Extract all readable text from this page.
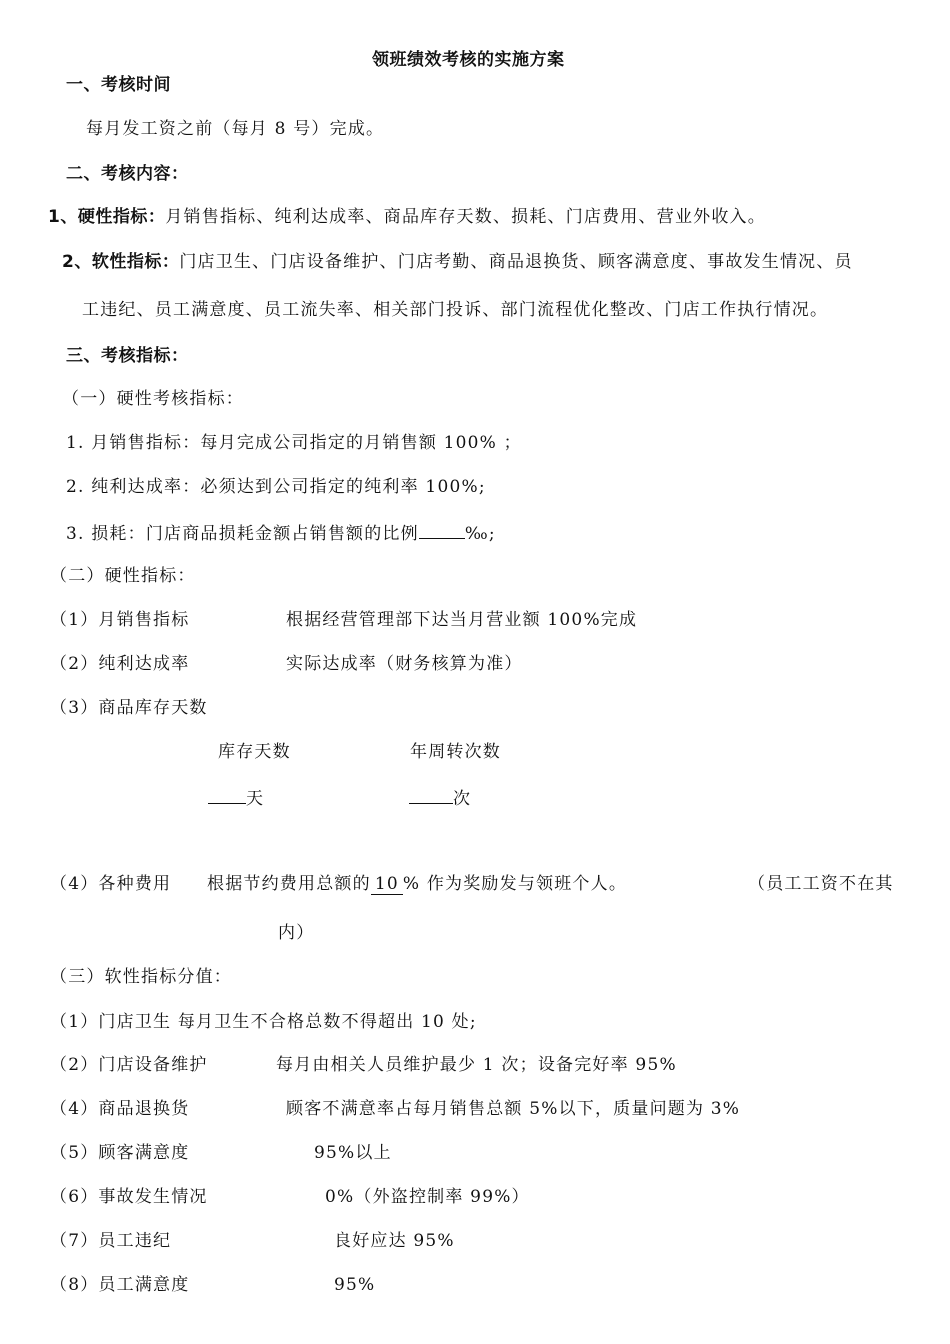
领班绩效考核的实施方案
一、考核时间
每月发工资之前（每月 8 号）完成。
二、考核内容：
1、硬性指标：月销售指标、纯利达成率、商品库存天数、损耗、门店费用、营业外收入。
2、软性指标：门店卫生、门店设备维护、门店考勤、商品退换货、顾客满意度、事故发生情况、员
工违纪、员工满意度、员工流失率、相关部门投诉、部门流程优化整改、门店工作执行情况。
三、考核指标：
（一）硬性考核指标：
1. 月销售指标：每月完成公司指定的月销售额 100% ；
2. 纯利达成率：必须达到公司指定的纯利率 100%;
3. 损耗：门店商品损耗金额占销售额的比例	‰;
（二）硬性指标：
（1）月销售指标	根据经营管理部下达当月营业额 100%完成
（2）纯利达成率	实际达成率（财务核算为准）
（3）商品库存天数
库存天数	年周转次数
天	次
（4）各种费用 根据节约费用总额的 10 % 作为奖励发与领班个人。	（员工工资不在其
内）
（三）软性指标分值：
（1）门店卫生 每月卫生不合格总数不得超出 10 处;
（2）门店设备维护	每月由相关人员维护最少 1 次；设备完好率 95%
（4）商品退换货	顾客不满意率占每月销售总额 5%以下，质量问题为 3%
（5）顾客满意度	95%以上
（6）事故发生情况	0%（外盗控制率 99%）
（7）员工违纪	良好应达 95%
（8）员工满意度	95%
